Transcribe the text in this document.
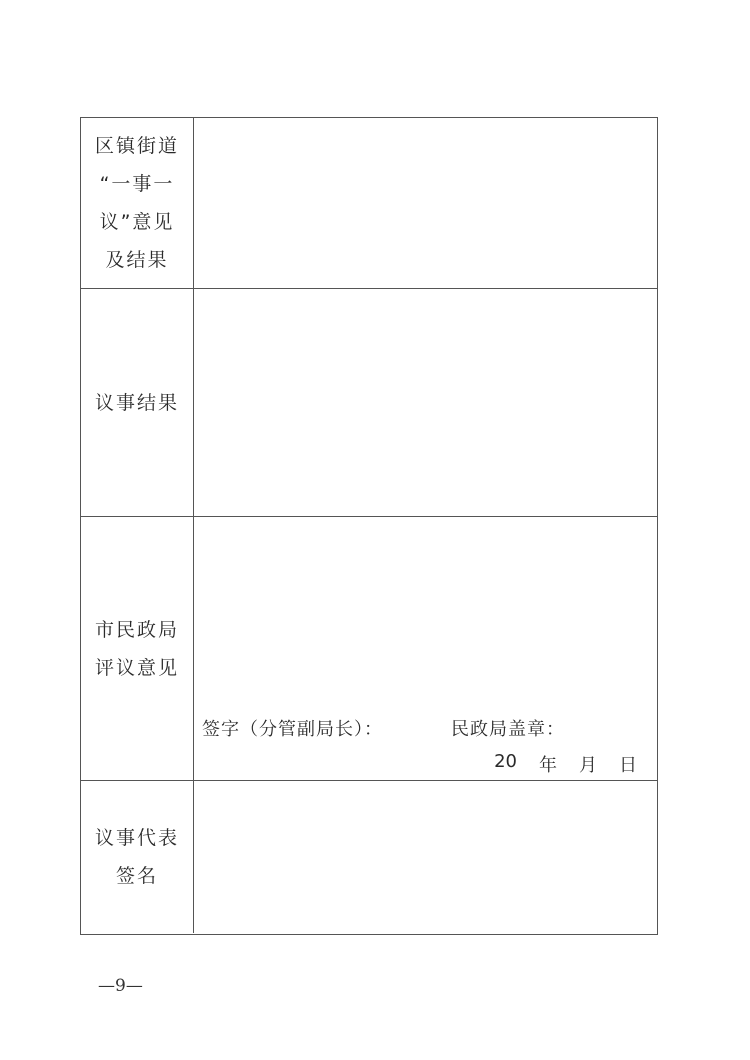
区镇街道
“一事一
议”意见
及结果
议事结果
市民政局
评议意见
签字（分管副局长）：	民政局盖章：
20 年 月 日
议事代表
签名
—9—
